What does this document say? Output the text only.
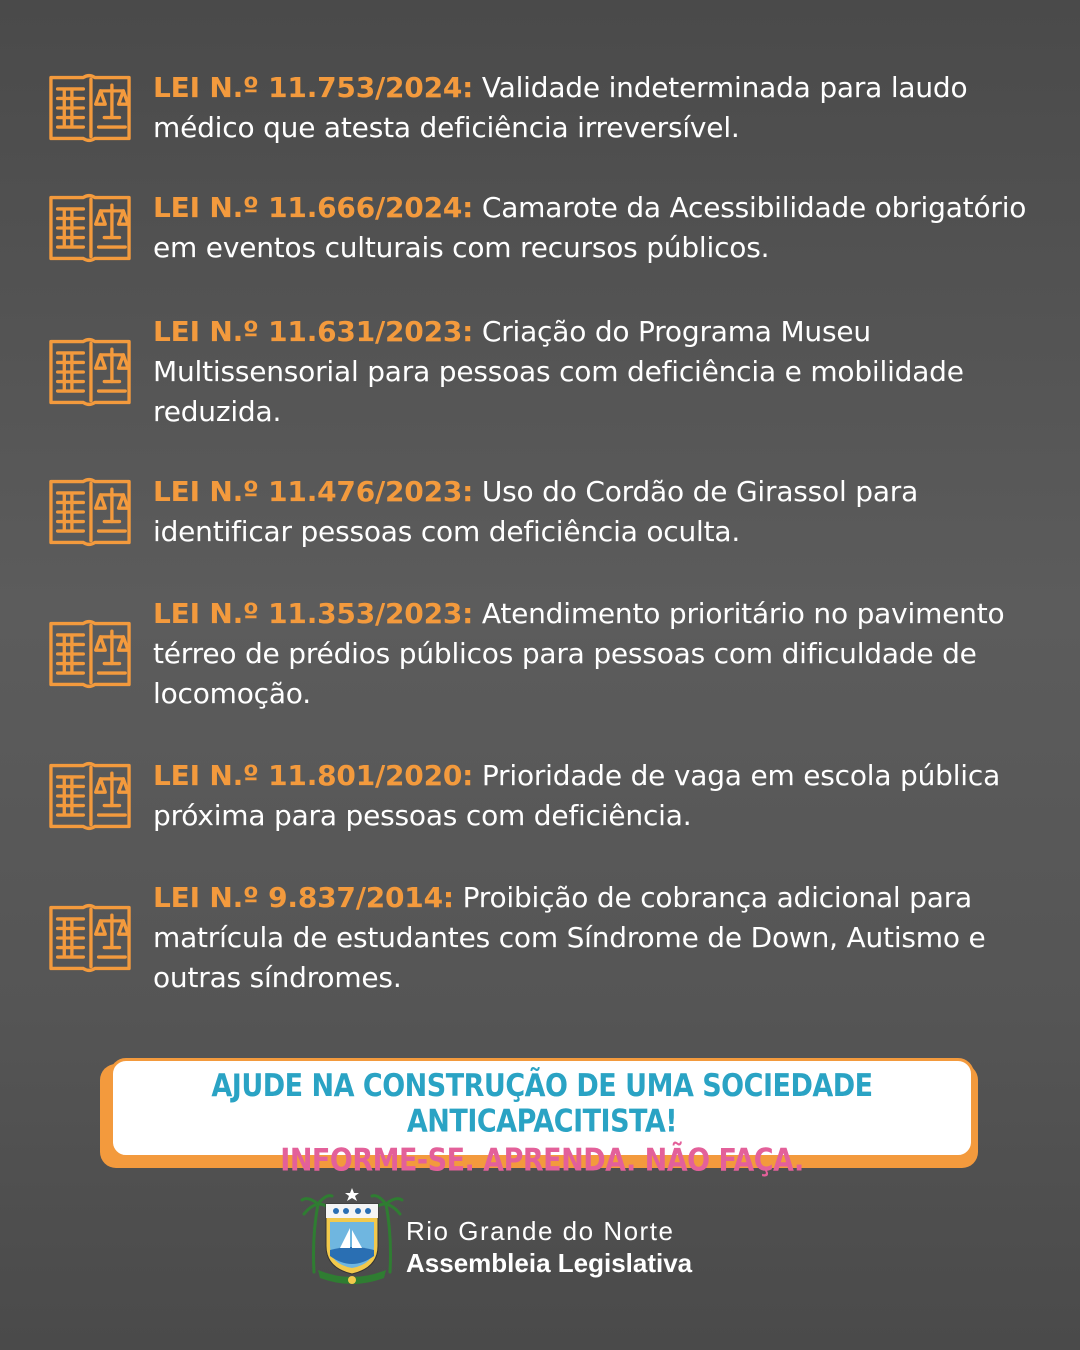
LEI N.º 11.753/2024: Validade indeterminada para laudo médico que atesta deficiência irreversível.
LEI N.º 11.666/2024: Camarote da Acessibilidade obrigatório em eventos culturais com recursos públicos.
LEI N.º 11.631/2023: Criação do Programa Museu Multissensorial para pessoas com deficiência e mobilidade reduzida.
LEI N.º 11.476/2023: Uso do Cordão de Girassol para identificar pessoas com deficiência oculta.
LEI N.º 11.353/2023: Atendimento prioritário no pavimento térreo de prédios públicos para pessoas com dificuldade de locomoção.
LEI N.º 11.801/2020: Prioridade de vaga em escola pública próxima para pessoas com deficiência.
LEI N.º 9.837/2014: Proibição de cobrança adicional para matrícula de estudantes com Síndrome de Down, Autismo e outras síndromes.
AJUDE NA CONSTRUÇÃO DE UMA SOCIEDADE ANTICAPACITISTA!
INFORME-SE. APRENDA. NÃO FAÇA.
Rio Grande do Norte
Assembleia Legislativa
